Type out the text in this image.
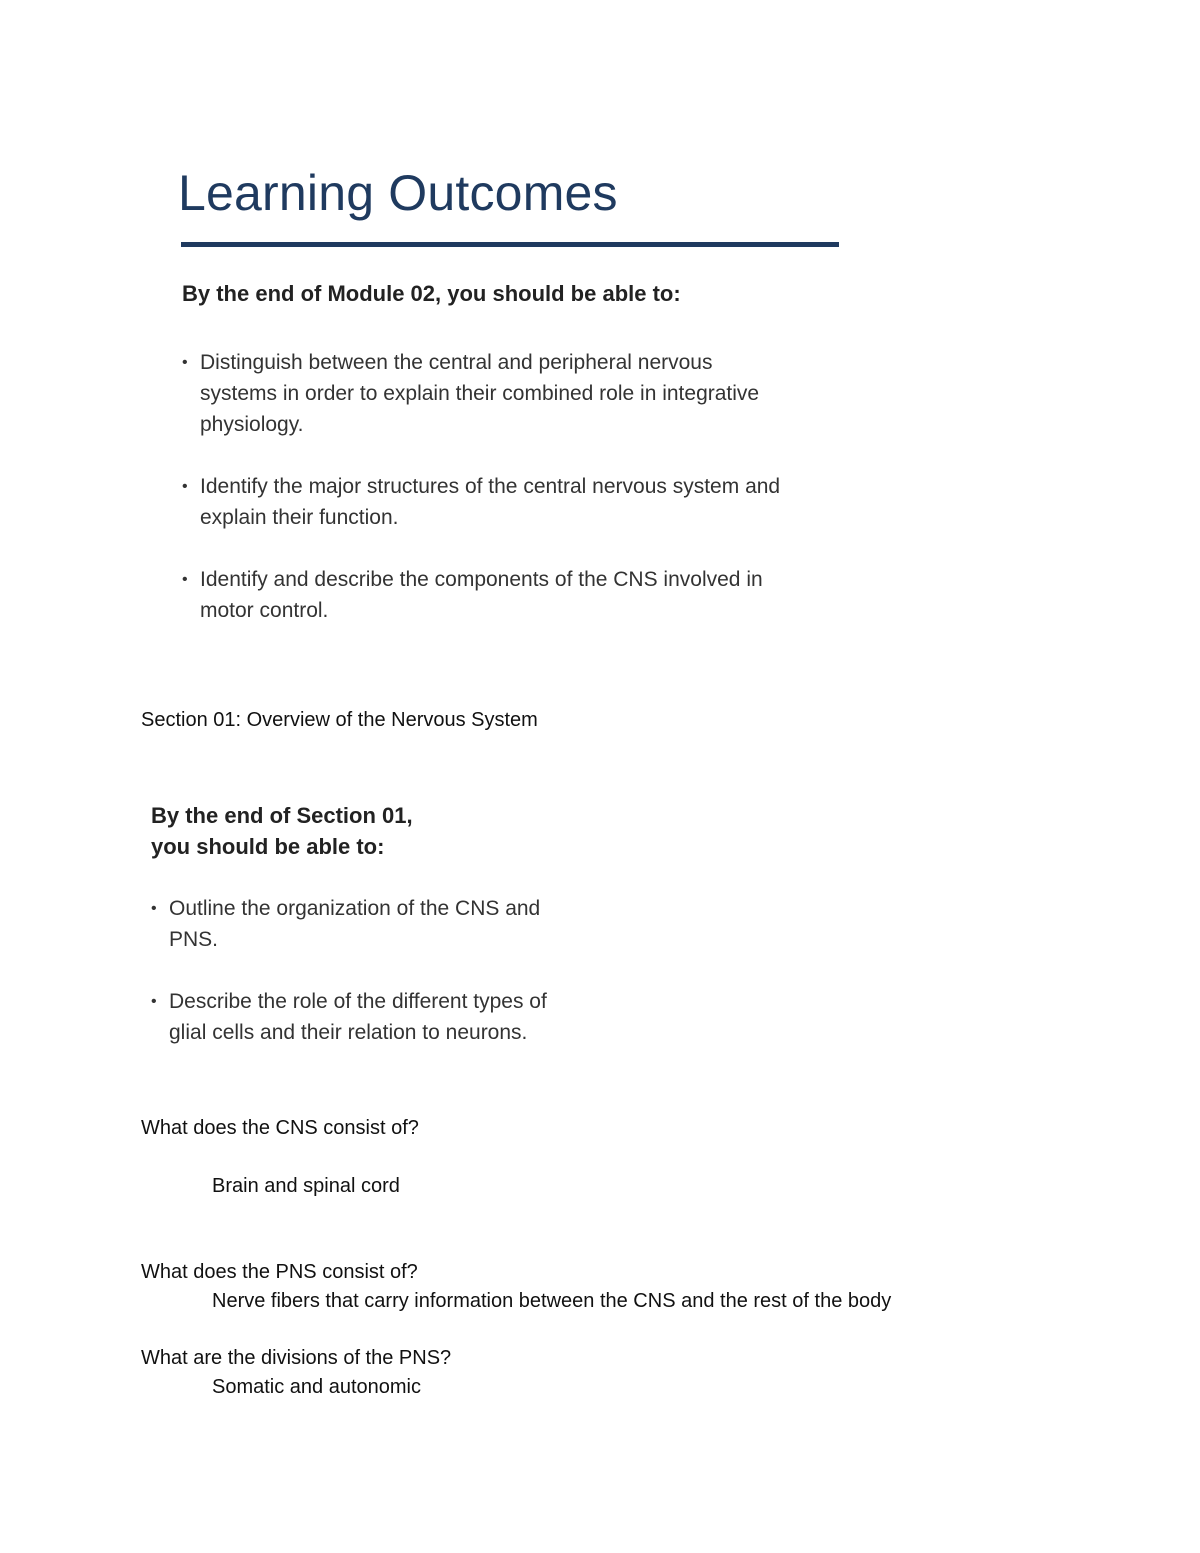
Learning Outcomes
By the end of Module 02, you should be able to:
• Distinguish between the central and peripheral nervous systems in order to explain their combined role in integrative physiology.
• Identify the major structures of the central nervous system and explain their function.
• Identify and describe the components of the CNS involved in motor control.
Section 01: Overview of the Nervous System
By the end of Section 01,
you should be able to:
• Outline the organization of the CNS and PNS.
• Describe the role of the different types of glial cells and their relation to neurons.
What does the CNS consist of?
Brain and spinal cord
What does the PNS consist of?
Nerve fibers that carry information between the CNS and the rest of the body
What are the divisions of the PNS?
Somatic and autonomic
